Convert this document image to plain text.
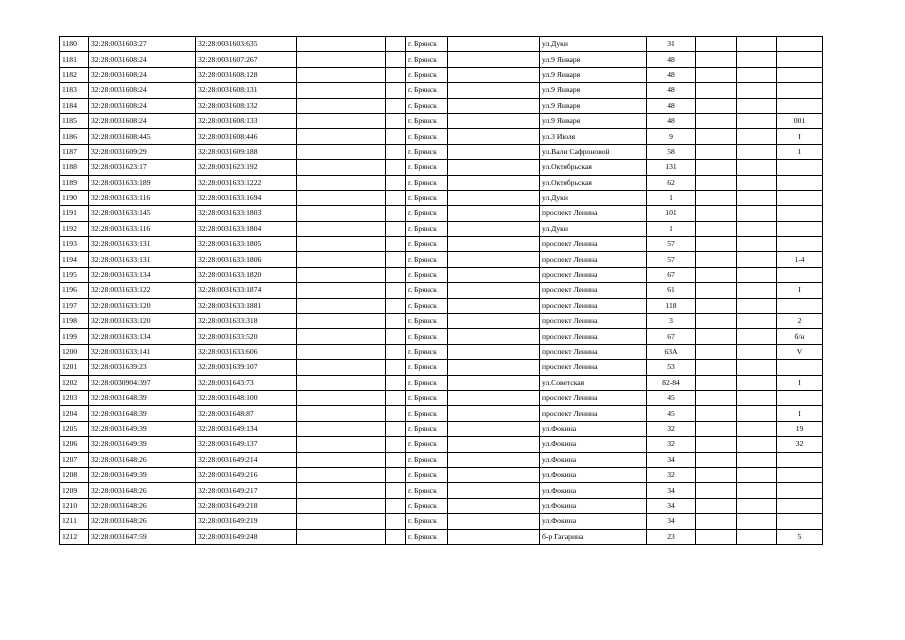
1180	32:28:0031603:27	32:28:0031603:635			г. Брянск		ул.Дуки	31			
1181	32:28:0031608:24	32:28:0031607:267			г. Брянск		ул.9 Января	48			
1182	32:28:0031608:24	32:28:0031608:128			г. Брянск		ул.9 Января	48			
1183	32:28:0031608:24	32:28:0031608:131			г. Брянск		ул.9 Января	48			
1184	32:28:0031608:24	32:28:0031608:132			г. Брянск		ул.9 Января	48			
1185	32:28:0031608:24	32:28:0031608:133			г. Брянск		ул.9 Января	48			001
1186	32:28:0031608:445	32:28:0031608:446			г. Брянск		ул.3 Июля	9			I
1187	32:28:0031609:29	32:28:0031609:188			г. Брянск		ул.Вали Сафроновой	58			1
1188	32:28:0031623:17	32:28:0031623:192			г. Брянск		ул.Октябрьская	131			
1189	32:28:0031633:189	32:28:0031633:1222			г. Брянск		ул.Октябрьская	62			
1190	32:28:0031633:116	32:28:0031633:1694			г. Брянск		ул.Дуки	1			
1191	32:28:0031633:145	32:28:0031633:1803			г. Брянск		проспект Ленина	101			
1192	32:28:0031633:116	32:28:0031633:1804			г. Брянск		ул.Дуки	1			
1193	32:28:0031633:131	32:28:0031633:1805			г. Брянск		проспект Ленина	57			
1194	32:28:0031633:131	32:28:0031633:1806			г. Брянск		проспект Ленина	57			1-4
1195	32:28:0031633:134	32:28:0031633:1820			г. Брянск		проспект Ленина	67			
1196	32:28:0031633:122	32:28:0031633:1874			г. Брянск		проспект Ленина	61			I
1197	32:28:0031633:120	32:28:0031633:1881			г. Брянск		проспект Ленина	118			
1198	32:28:0031633:120	32:28:0031633:318			г. Брянск		проспект Ленина	3			2
1199	32:28:0031633:134	32:28:0031633:520			г. Брянск		проспект Ленина	67			б/н
1200	32:28:0031633:141	32:28:0031633:606			г. Брянск		проспект Ленина	63А			V
1201	32:28:0031639:23	32:28:0031639:107			г. Брянск		проспект Ленина	53			
1202	32:28:0030904:397	32:28:0031643:73			г. Брянск		ул.Советская	82-84			I
1203	32:28:0031648:39	32:28:0031648:100			г. Брянск		проспект Ленина	45			
1204	32:28:0031648:39	32:28:0031648:87			г. Брянск		проспект Ленина	45			I
1205	32:28:0031649:39	32:28:0031649:134			г. Брянск		ул.Фокина	32			19
1206	32:28:0031649:39	32:28:0031649:137			г. Брянск		ул.Фокина	32			32
1207	32:28:0031648:26	32:28:0031649:214			г. Брянск		ул.Фокина	34			
1208	32:28:0031649:39	32:28:0031649:216			г. Брянск		ул.Фокина	32			
1209	32:28:0031648:26	32:28:0031649:217			г. Брянск		ул.Фокина	34			
1210	32:28:0031648:26	32:28:0031649:218			г. Брянск		ул.Фокина	34			
1211	32:28:0031648:26	32:28:0031649:219			г. Брянск		ул.Фокина	34			
1212	32:28:0031647:59	32:28:0031649:248			г. Брянск		б-р Гагарина	23			5
